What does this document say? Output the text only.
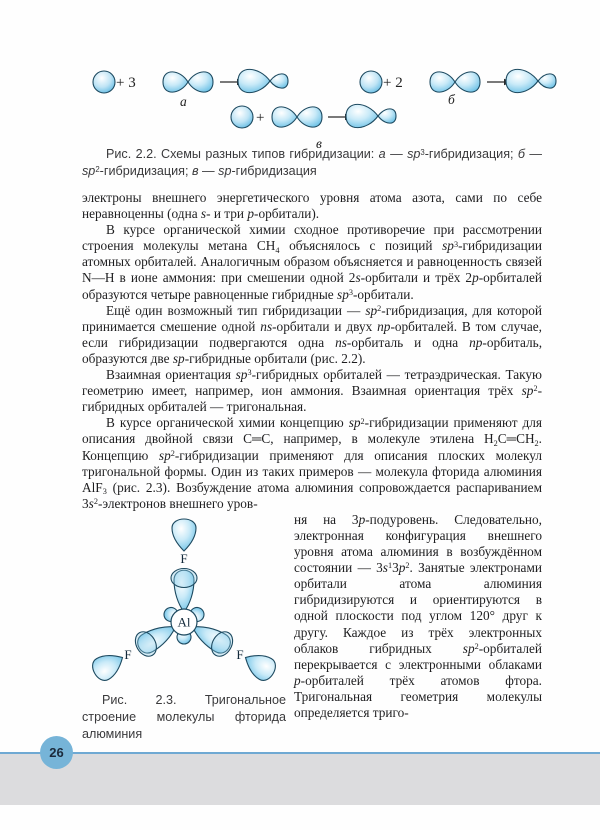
+ 3
а
+ 2
б
+
в
Рис. 2.2. Схемы разных типов гибридизации: а — $sp^3$-гибридизация; б — $sp^2$-гибридизация; в — sp-гибридизация

электроны внешнего энергетического уровня атома азота, сами по себе неравноценны (одна s- и три p-орбитали).

В курсе органической химии сходное противоречие при рассмотрении строения молекулы метана $CH_4$ объяснялось с позиций $sp^3$-гибридизации атомных орбиталей. Аналогичным образом объясняется и равноценность связей N—H в ионе аммония: при смешении одной 2s-орбитали и трёх 2p-орбиталей образуются четыре равноценные гибридные $sp^3$-орбитали.

Ещё один возможный тип гибридизации — $sp^2$-гибридизация, для которой принимается смешение одной ns-орбитали и двух np-орбиталей. В том случае, если гибридизации подвергаются одна ns-орбиталь и одна np-орбиталь, образуются две sp-гибридные орбитали (рис. 2.2).

Взаимная ориентация $sp^3$-гибридных орбиталей — тетраэдрическая. Такую геометрию имеет, например, ион аммония. Взаимная ориентация трёх $sp^2$-гибридных орбиталей — тригональная.

В курсе органической химии концепцию $sp^2$-гибридизации применяют для описания двойной связи C═C, например, в молекуле этилена $H_2C═CH_2$. Концепцию $sp^2$-гибридизации применяют для описания плоских молекул тригональной формы. Один из таких примеров — молекула фторида алюминия AlF$_3$ (рис. 2.3). Возбуждение атома алюминия сопровождается распариванием $3s^2$-электронов внешнего уров-

Al
F
F
F
Рис. 2.3. Тригональное строение молекулы фторида алюминия
ня на 3p-подуровень. Следовательно, электронная конфигурация внешнего уровня атома алюминия в возбуждённом состоянии — $3s^13p^2$. Занятые электронами орбитали атома алюминия гибридизируются и ориентируются в одной плоскости под углом 120° друг к другу. Каждое из трёх электронных облаков гибридных $sp^2$-орбиталей перекрывается с электронными облаками p-орбиталей трёх атомов фтора. Тригональная геометрия молекулы определяется триго-
26
